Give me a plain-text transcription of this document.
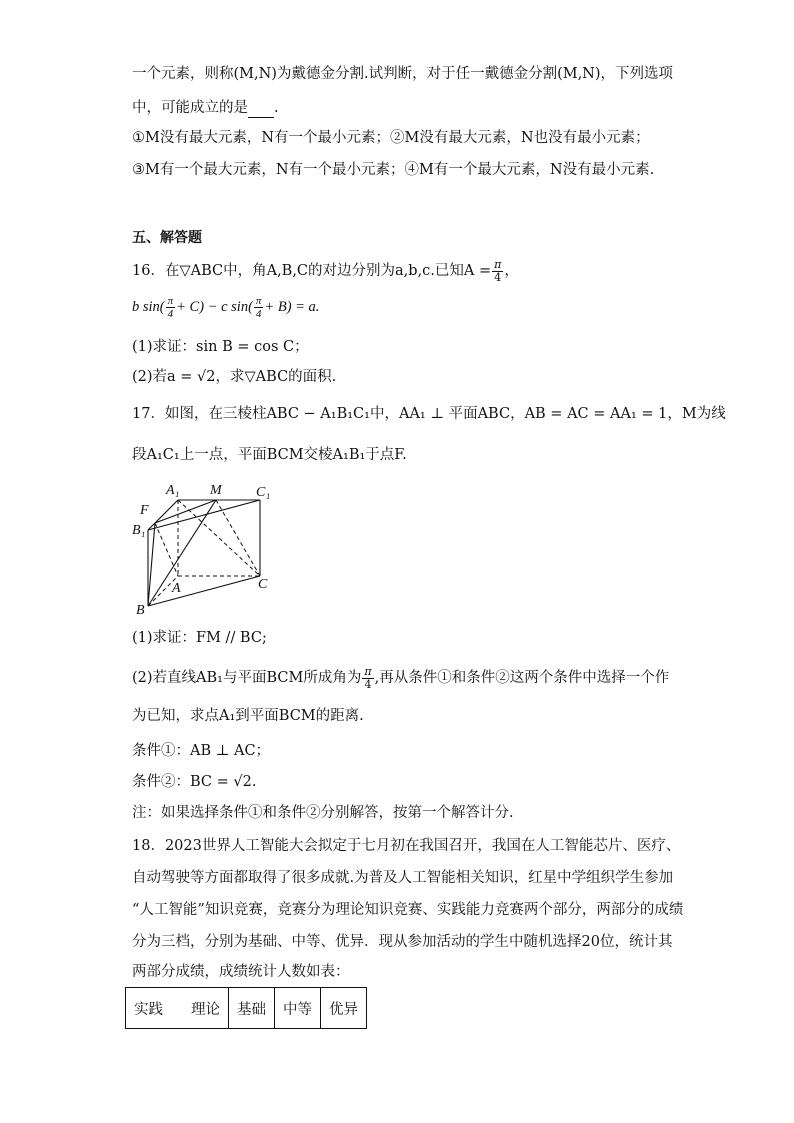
一个元素，则称(M,N)为戴德金分割.试判断，对于任一戴德金分割(M,N)，下列选项
中，可能成立的是 .
①M没有最大元素，N有一个最小元素；②M没有最大元素，N也没有最小元素；
③M有一个最大元素，N有一个最小元素；④M有一个最大元素，N没有最小元素.
五、解答题
16．在▽ABC中，角A,B,C的对边分别为a,b,c.已知$A = \frac{\pi}{4}$ ，
b $\sin( \frac{\pi}{4} + C) - c$ $\sin( \frac{\pi}{4} + B) = a$.
(1)求证：sin B = cos C；
(2)若a = √2，求▽ABC的面积.
17．如图，在三棱柱ABC − A₁B₁C₁中，AA₁ ⊥ 平面ABC，AB = AC = AA₁ = 1，M为线
段A₁C₁上一点，平面BCM交棱A₁B₁于点F.
A₁ M C₁
F
B₁
A	C
B
(1)求证：FM // BC;
(2)若直线AB₁与平面BCM所成角为 $\frac{\pi}{4}$ ,再从条件①和条件②这两个条件中选择一个作
为已知，求点A₁到平面BCM的距离.
条件①：AB ⊥ AC；
条件②：BC = √2.
注：如果选择条件①和条件②分别解答，按第一个解答计分.
18．2023世界人工智能大会拟定于七月初在我国召开，我国在人工智能芯片、医疗、
自动驾驶等方面都取得了很多成就.为普及人工智能相关知识，红星中学组织学生参加
“人工智能”知识竞赛，竞赛分为理论知识竞赛、实践能力竞赛两个部分，两部分的成绩
分为三档，分别为基础、中等、优异．现从参加活动的学生中随机选择20位，统计其
两部分成绩，成绩统计人数如表：
实践 理论	基础	中等	优异
